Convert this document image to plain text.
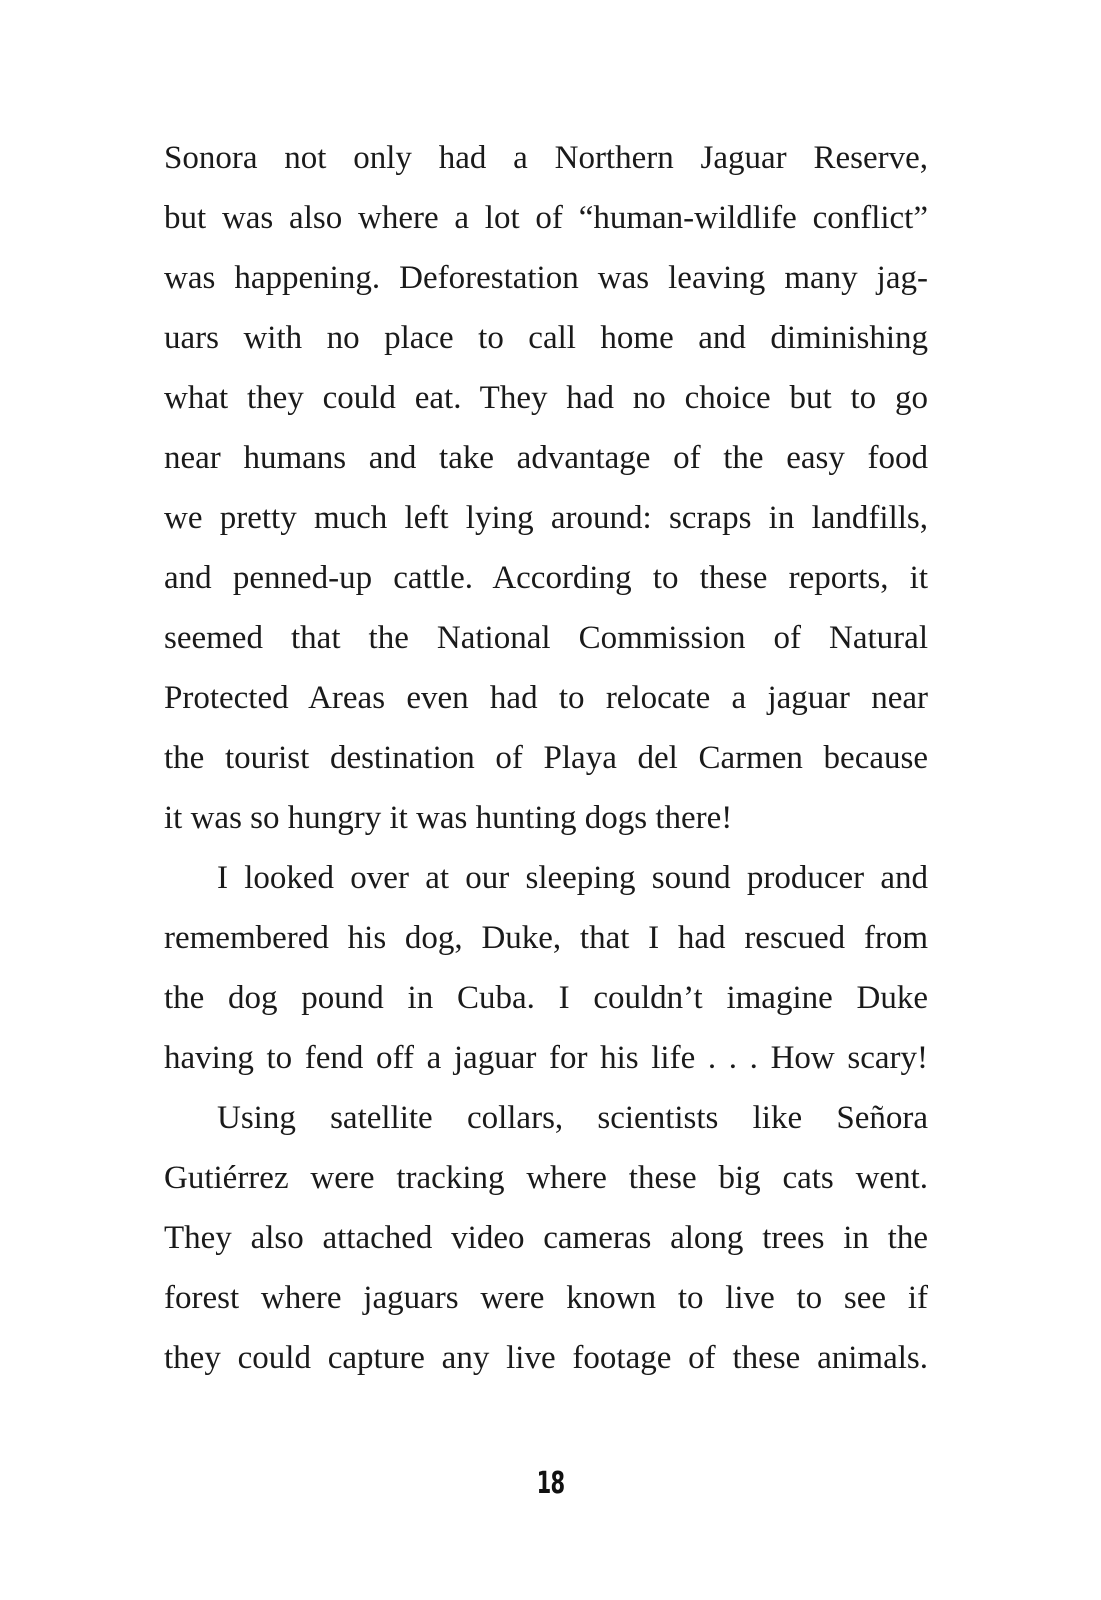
Sonora not only had a Northern Jaguar Reserve,
but was also where a lot of “human-wildlife conflict”
was happening. Deforestation was leaving many jag-
uars with no place to call home and diminishing
what they could eat. They had no choice but to go
near humans and take advantage of the easy food
we pretty much left lying around: scraps in landfills,
and penned-up cattle. According to these reports, it
seemed that the National Commission of Natural
Protected Areas even had to relocate a jaguar near
the tourist destination of Playa del Carmen because
it was so hungry it was hunting dogs there!
I looked over at our sleeping sound producer and
remembered his dog, Duke, that I had rescued from
the dog pound in Cuba. I couldn’t imagine Duke
having to fend off a jaguar for his life . . . How scary!
Using satellite collars, scientists like Señora
Gutiérrez were tracking where these big cats went.
They also attached video cameras along trees in the
forest where jaguars were known to live to see if
they could capture any live footage of these animals.
18
